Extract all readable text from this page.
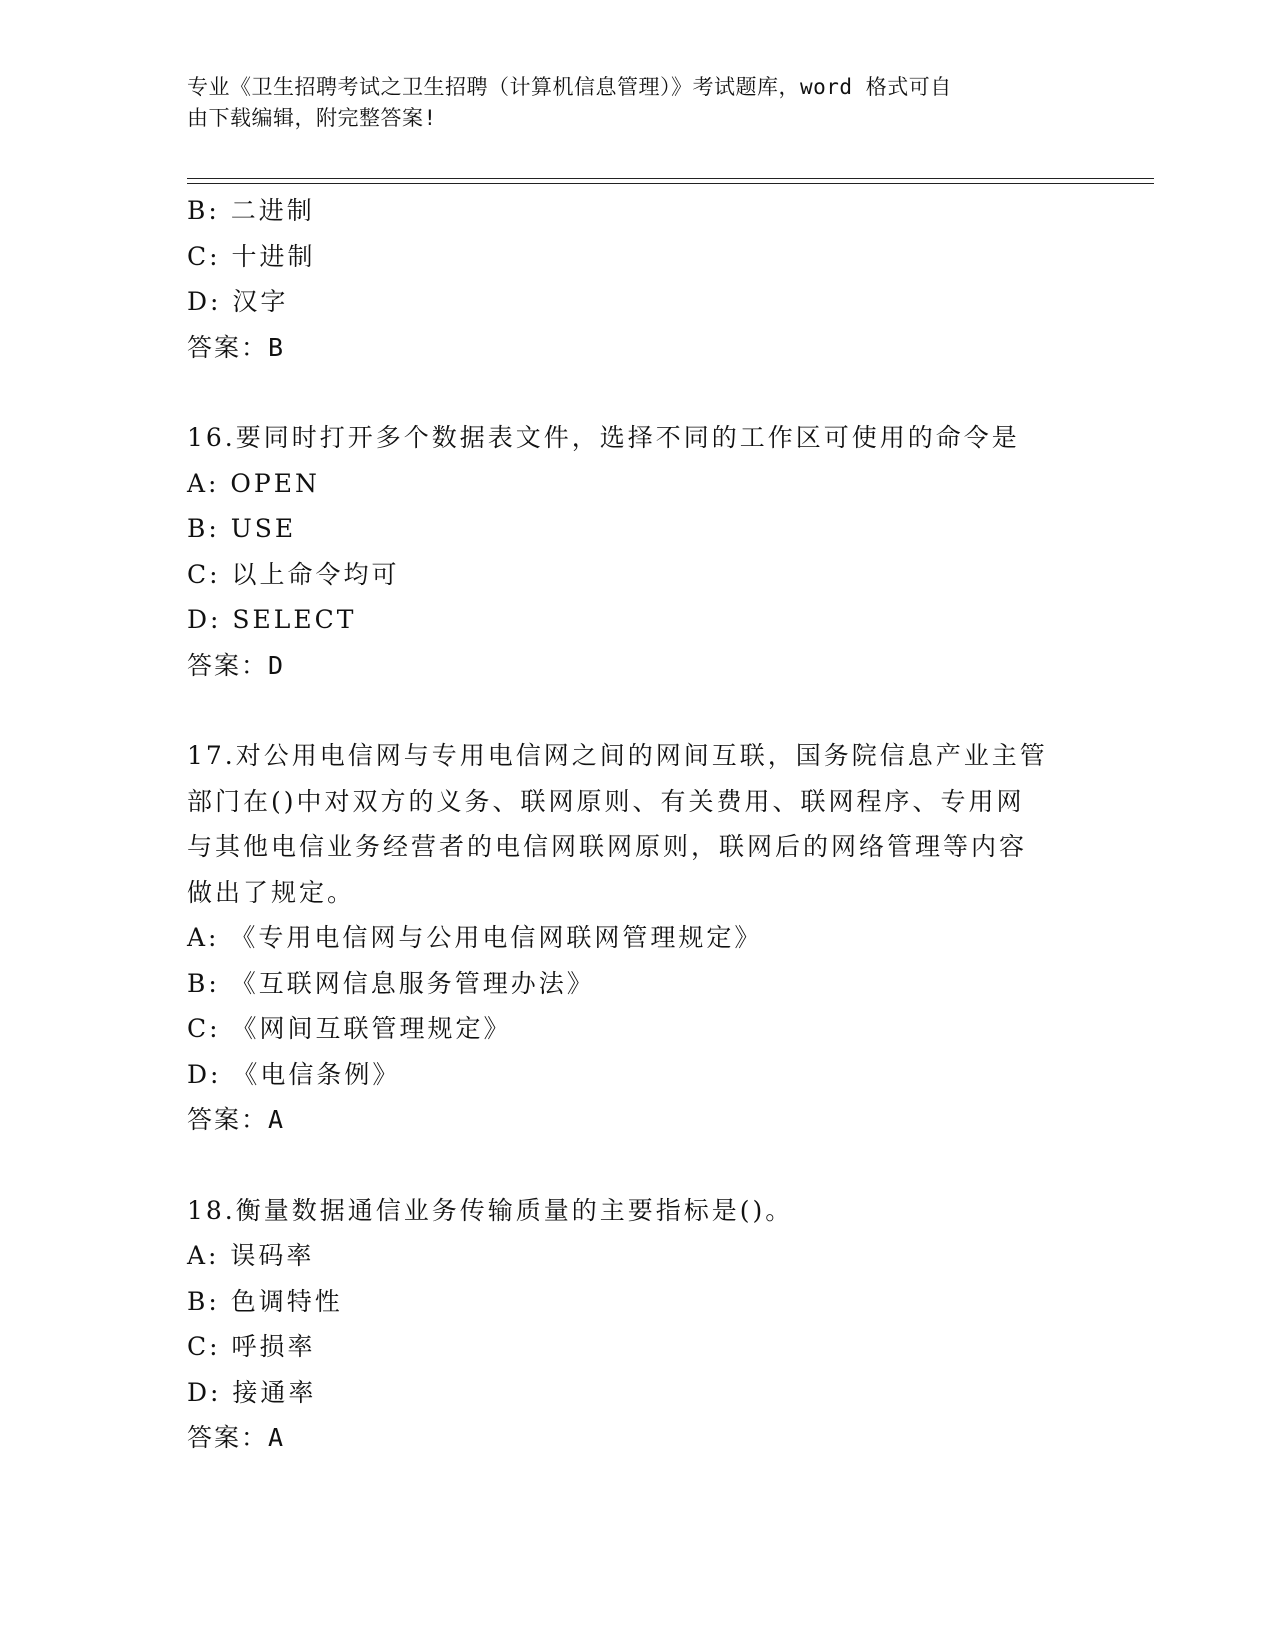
专业《卫生招聘考试之卫生招聘（计算机信息管理）》考试题库，word 格式可自
由下载编辑，附完整答案!
B: 二进制
C: 十进制
D: 汉字
答案：B
16.要同时打开多个数据表文件，选择不同的工作区可使用的命令是
A: OPEN
B: USE
C: 以上命令均可
D: SELECT
答案：D
17.对公用电信网与专用电信网之间的网间互联，国务院信息产业主管
部门在()中对双方的义务、联网原则、有关费用、联网程序、专用网
与其他电信业务经营者的电信网联网原则，联网后的网络管理等内容
做出了规定。
A: 《专用电信网与公用电信网联网管理规定》
B: 《互联网信息服务管理办法》
C: 《网间互联管理规定》
D: 《电信条例》
答案：A
18.衡量数据通信业务传输质量的主要指标是()。
A: 误码率
B: 色调特性
C: 呼损率
D: 接通率
答案：A
